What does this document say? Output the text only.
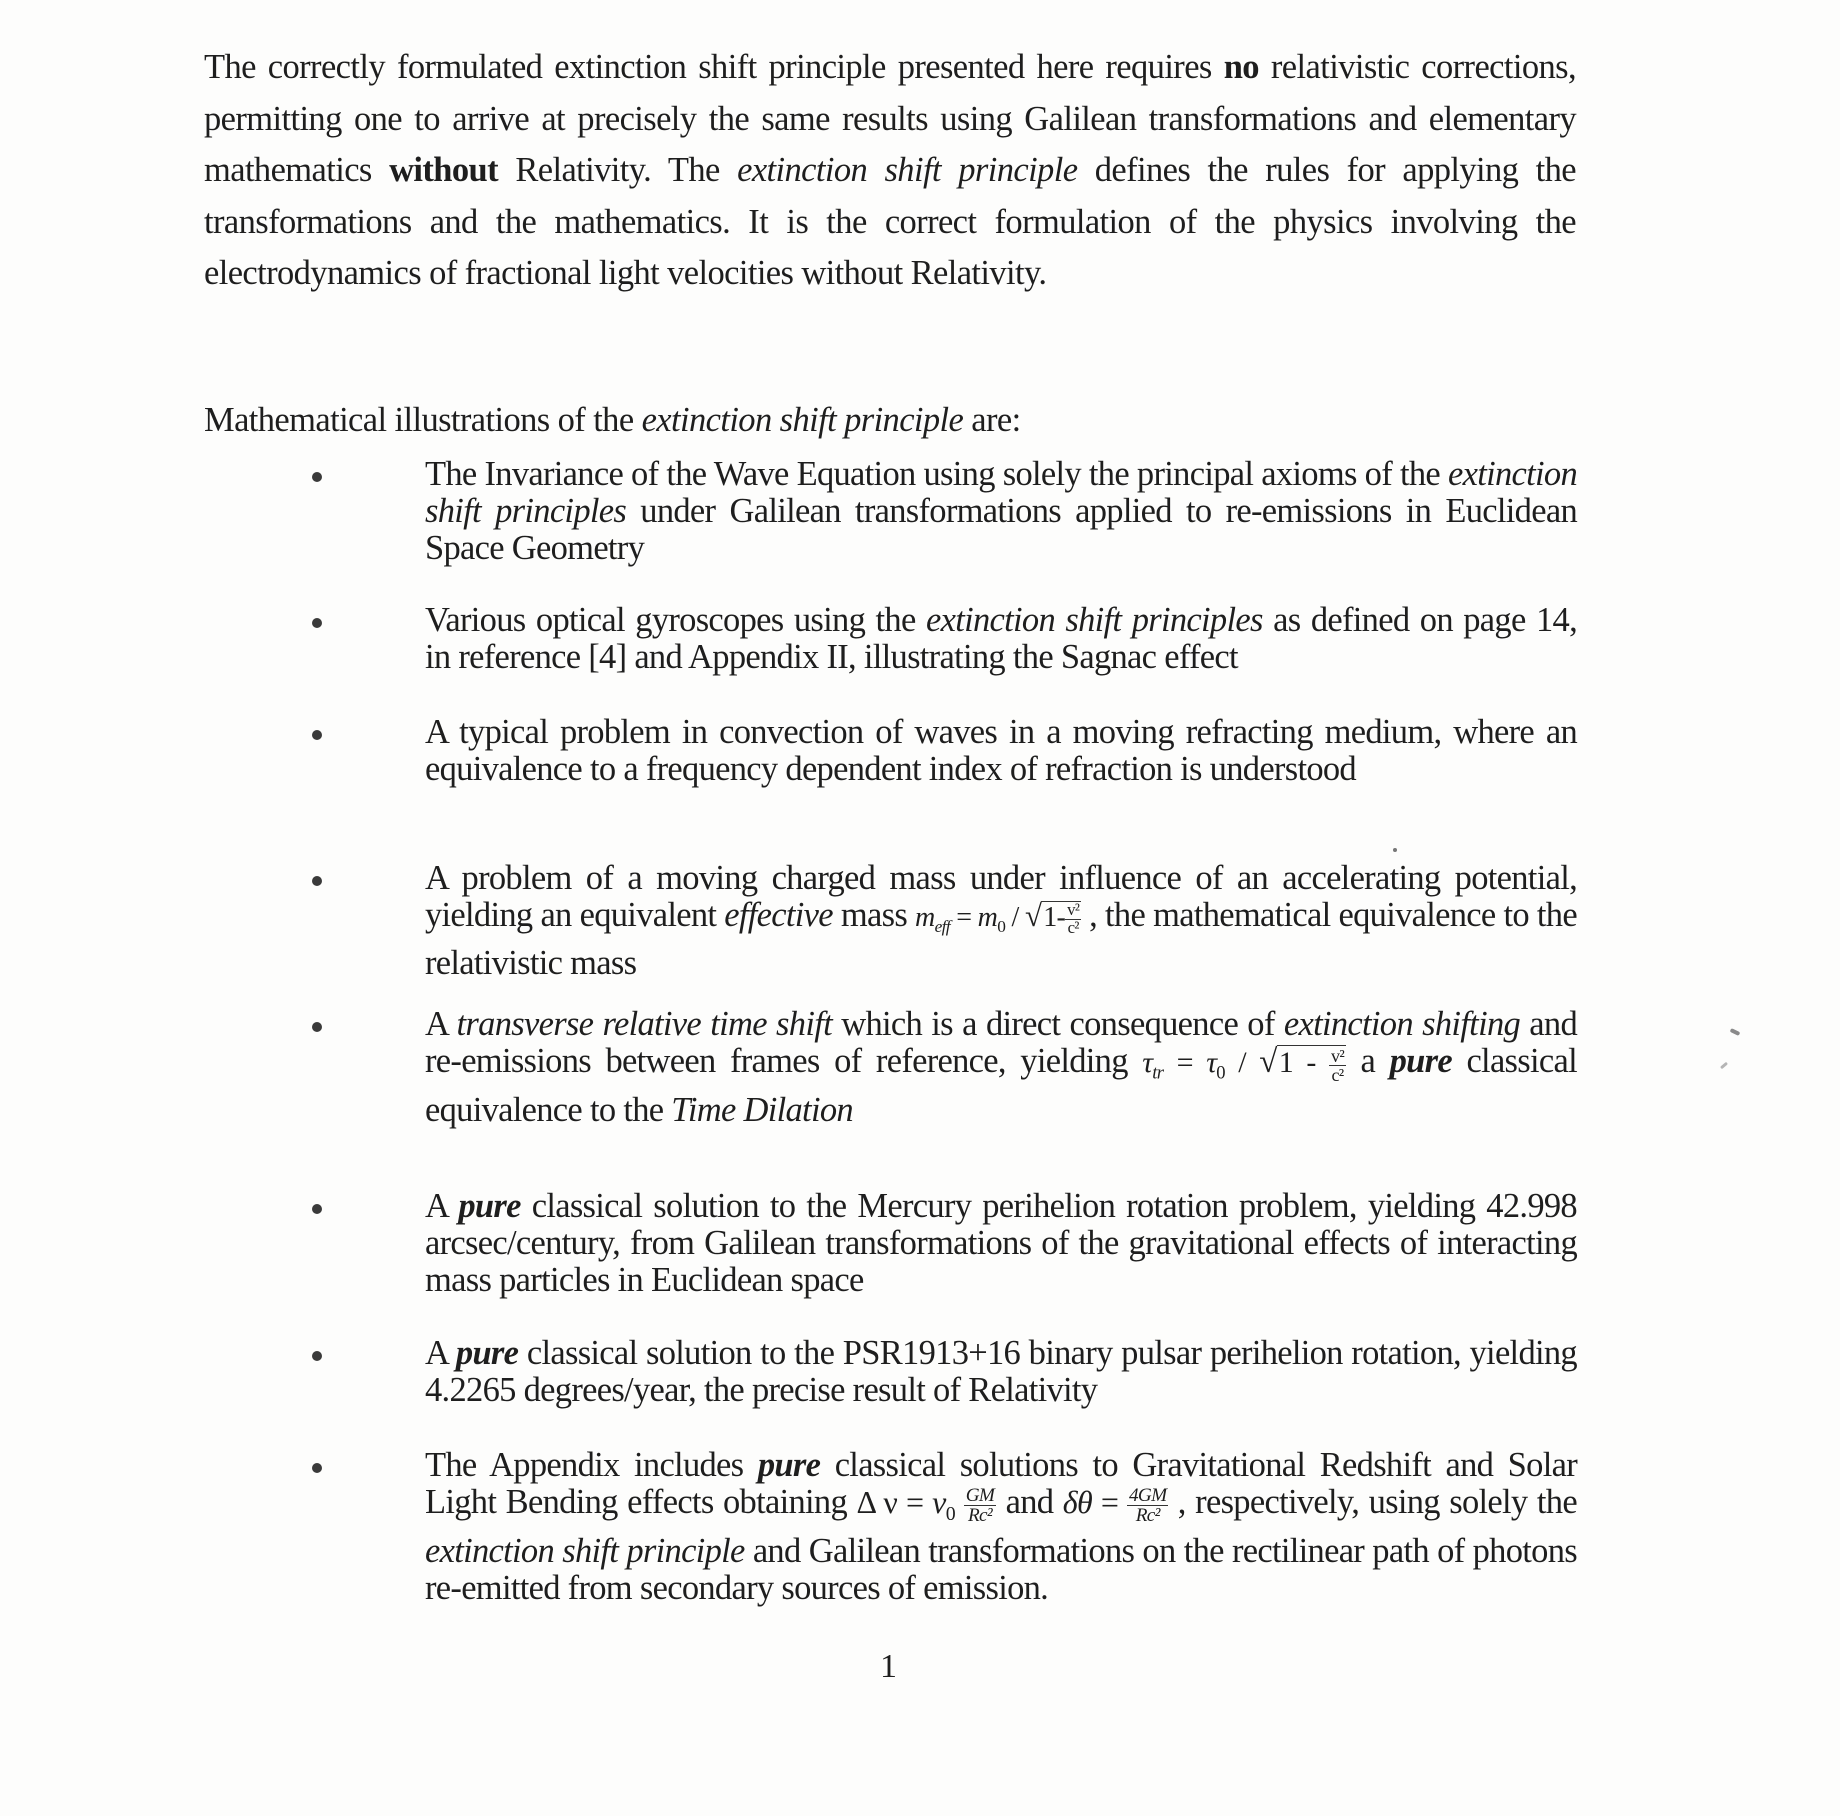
The correctly formulated extinction shift principle presented here requires no relativistic corrections, permitting one to arrive at precisely the same results using Galilean transformations and elementary mathematics without Relativity. The extinction shift principle defines the rules for applying the transformations and the mathematics. It is the correct formulation of the physics involving the electrodynamics of fractional light velocities without Relativity.

Mathematical illustrations of the extinction shift principle are:

The Invariance of the Wave Equation using solely the principal axioms of the extinction shift principles under Galilean transformations applied to re-emissions in Euclidean Space Geometry

Various optical gyroscopes using the extinction shift principles as defined on page 14, in reference [4] and Appendix II, illustrating the Sagnac effect

A typical problem in convection of waves in a moving refracting medium, where an equivalence to a frequency dependent index of refraction is understood

A problem of a moving charged mass under influence of an accelerating potential, yielding an equivalent effective mass $m_{eff} = m_0 / √1- \frac{\text{v²}}{\text{c²}}$ , the mathematical equivalence to the relativistic mass

A transverse relative time shift which is a direct consequence of extinction shifting and re-emissions between frames of reference, yielding $\tau_{tr} = \tau_0 / √1 - \frac{\text{v²}}{\text{c²}}$ a pure classical equivalence to the Time Dilation

A pure classical solution to the Mercury perihelion rotation problem, yielding 42.998 arcsec/century, from Galilean transformations of the gravitational effects of interacting mass particles in Euclidean space

A pure classical solution to the PSR1913+16 binary pulsar perihelion rotation, yielding 4.2265 degrees/year, the precise result of Relativity

The Appendix includes pure classical solutions to Gravitational Redshift and Solar Light Bending effects obtaining Δ $\nu = \nu_0 \frac{GM}{\text{Rc²}}$ and $\delta\theta = \frac{4GM}{\text{Rc²}}$ , respectively, using solely the extinction shift principle and Galilean transformations on the rectilinear path of photons re-emitted from secondary sources of emission.

1
